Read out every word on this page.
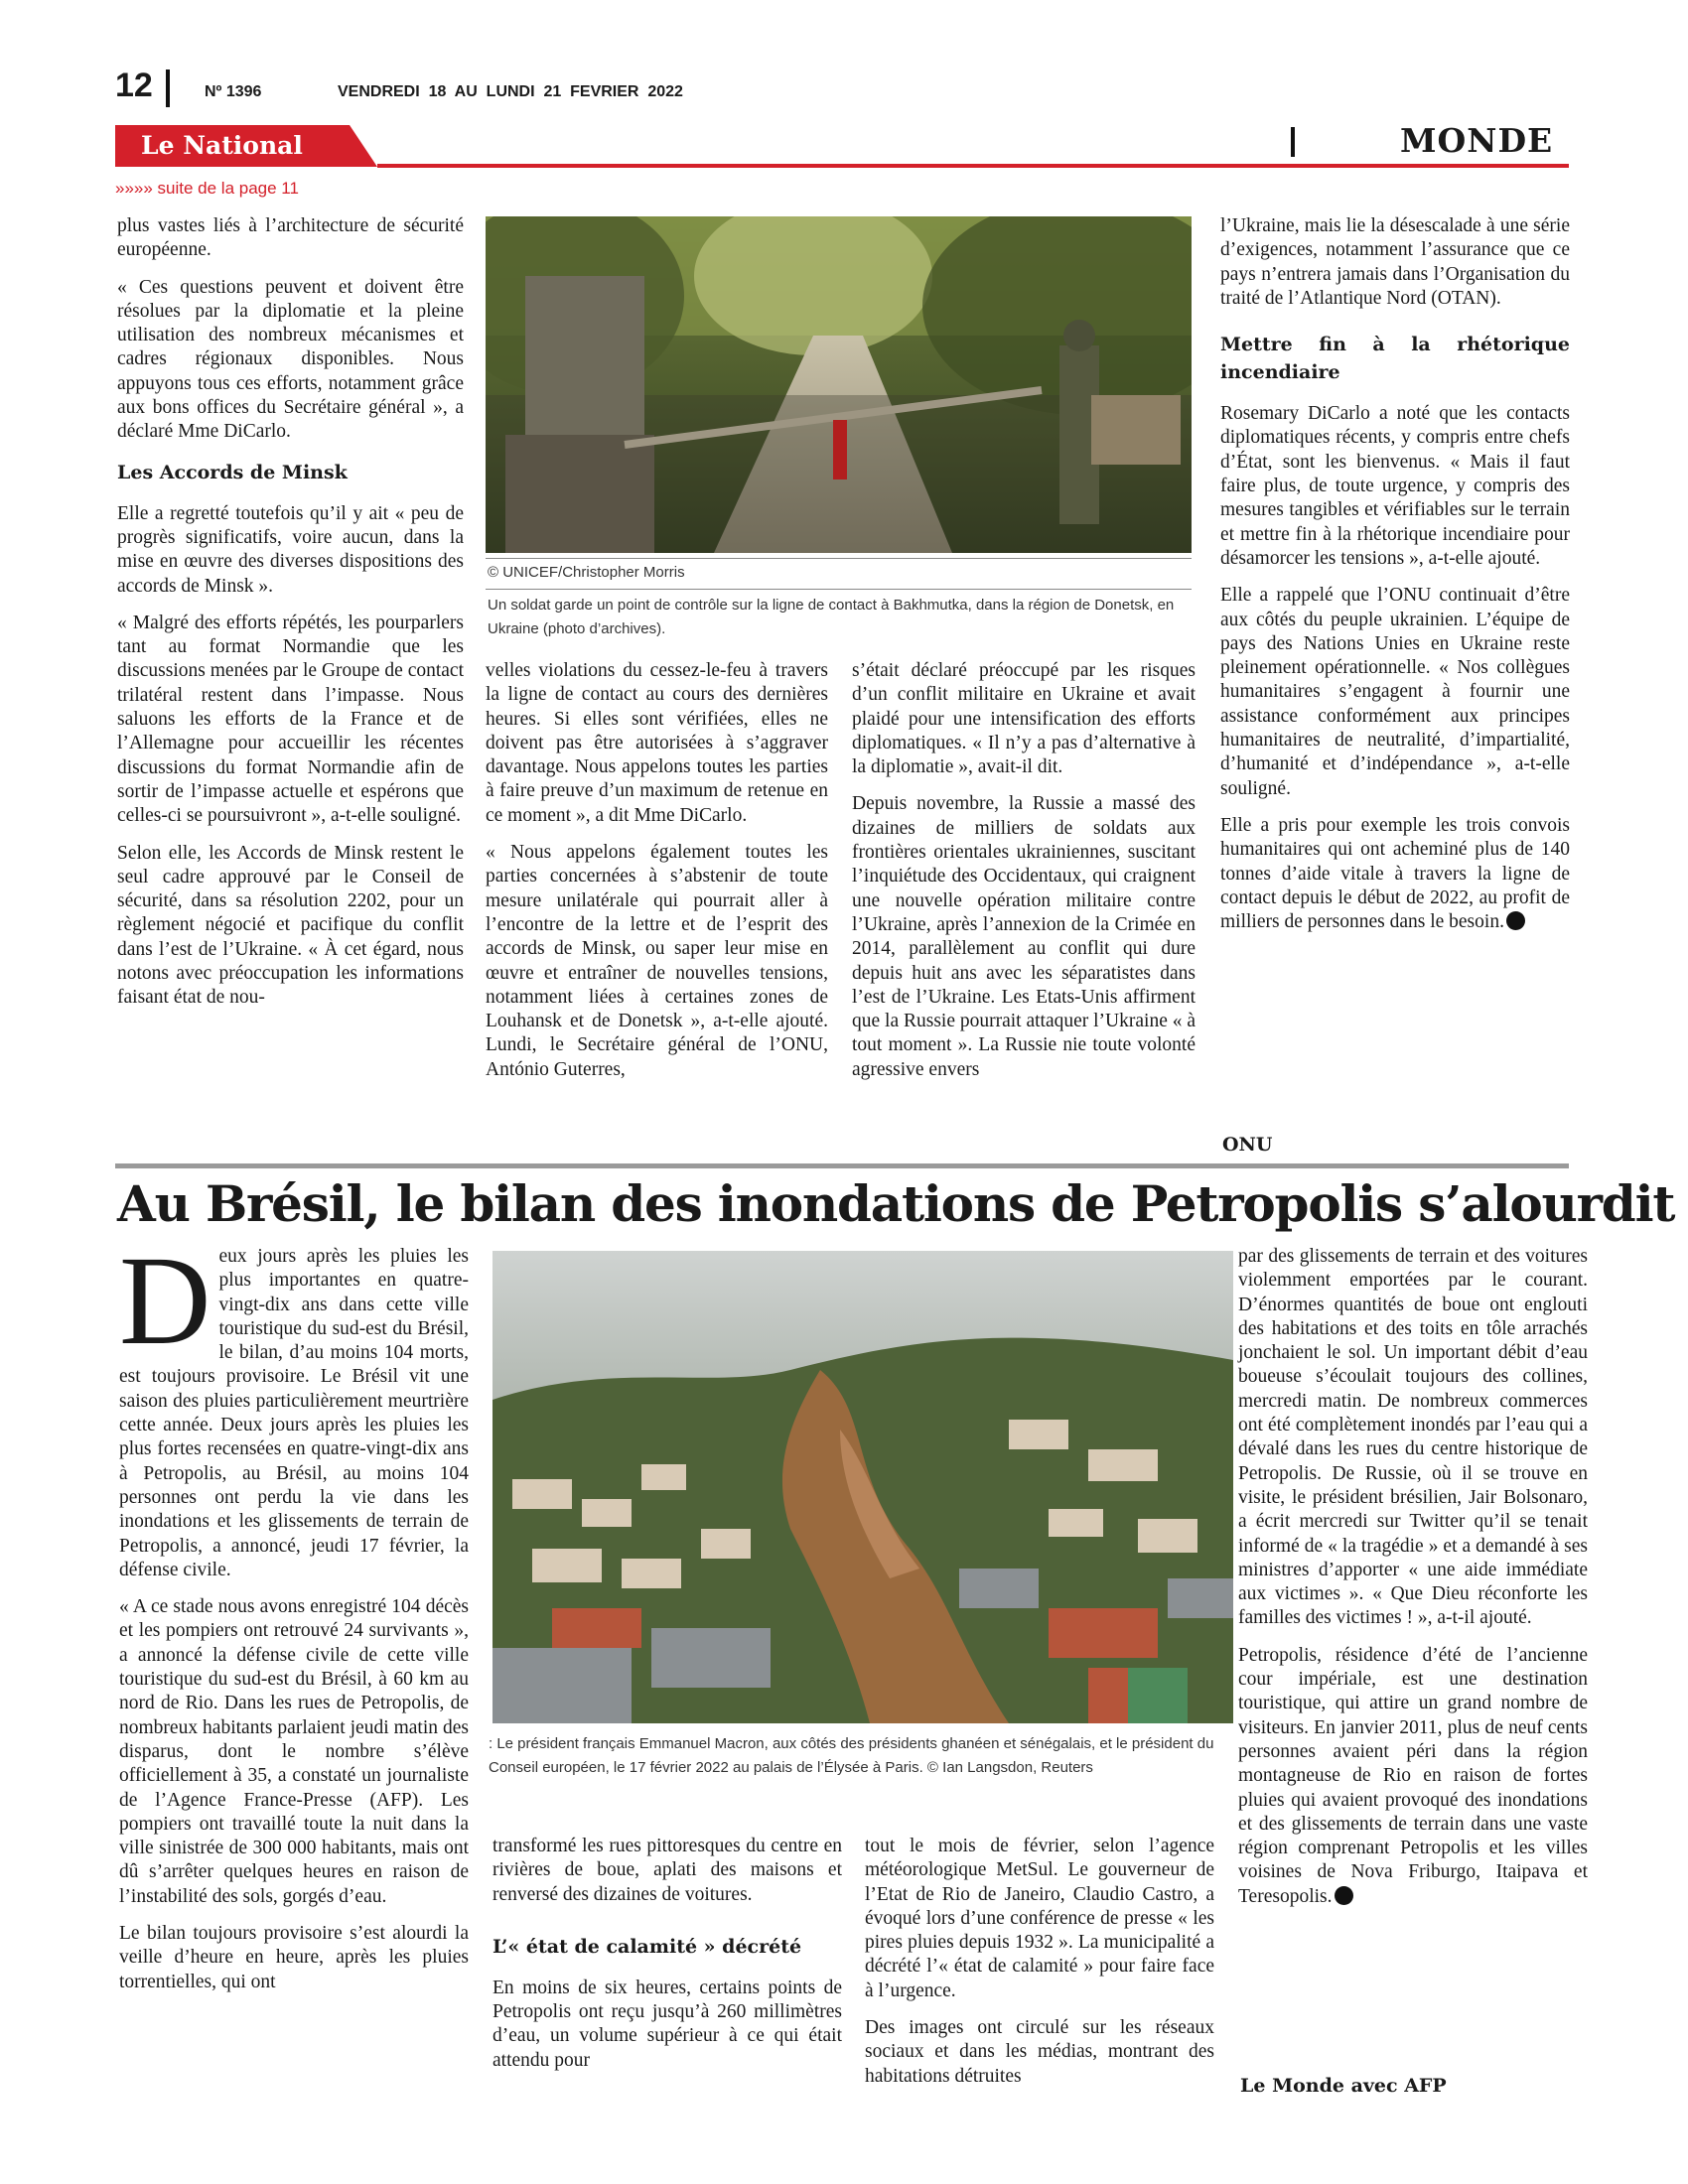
12	Nº 1396	VENDREDI  18  AU  LUNDI  21  FEVRIER  2022
Le National	MONDE
»»»» suite de la page 11

plus vastes liés à l’architecture de sécurité européenne.

« Ces questions peuvent et doivent être résolues par la diplomatie et la pleine utilisation des nombreux mécanismes et cadres régionaux disponibles. Nous appuyons tous ces efforts, notamment grâce aux bons offices du Secrétaire général », a déclaré Mme DiCarlo.

Les Accords de Minsk

Elle a regretté toutefois qu’il y ait « peu de progrès significatifs, voire aucun, dans la mise en œuvre des diverses dispositions des accords de Minsk ».

« Malgré des efforts répétés, les pourparlers tant au format Normandie que les discussions menées par le Groupe de contact trilatéral restent dans l’impasse. Nous saluons les efforts de la France et de l’Allemagne pour accueillir les récentes discussions du format Normandie afin de sortir de l’impasse actuelle et espérons que celles-ci se poursuivront », a-t-elle souligné.

Selon elle, les Accords de Minsk restent le seul cadre approuvé par le Conseil de sécurité, dans sa résolution 2202, pour un règlement négocié et pacifique du conflit dans l’est de l’Ukraine. « À cet égard, nous notons avec préoccupation les informations faisant état de nou-

© UNICEF/Christopher Morris
Un soldat garde un point de contrôle sur la ligne de contact à Bakhmutka, dans la région de Donetsk, en Ukraine (photo d’archives).

velles violations du cessez-le-feu à travers la ligne de contact au cours des dernières heures. Si elles sont vérifiées, elles ne doivent pas être autorisées à s’aggraver davantage. Nous appelons toutes les parties à faire preuve d’un maximum de retenue en ce moment », a dit Mme DiCarlo.

« Nous appelons également toutes les parties concernées à s’abstenir de toute mesure unilatérale qui pourrait aller à l’encontre de la lettre et de l’esprit des accords de Minsk, ou saper leur mise en œuvre et entraîner de nouvelles tensions, notamment liées à certaines zones de Louhansk et de Donetsk », a-t-elle ajouté. Lundi, le Secrétaire général de l’ONU, António Guterres,

s’était déclaré préoccupé par les risques d’un conflit militaire en Ukraine et avait plaidé pour une intensification des efforts diplomatiques. « Il n’y a pas d’alternative à la diplomatie », avait-il dit.

Depuis novembre, la Russie a massé des dizaines de milliers de soldats aux frontières orientales ukrainiennes, suscitant l’inquiétude des Occidentaux, qui craignent une nouvelle opération militaire contre l’Ukraine, après l’annexion de la Crimée en 2014, parallèlement au conflit qui dure depuis huit ans avec les séparatistes dans l’est de l’Ukraine. Les Etats-Unis affirment que la Russie pourrait attaquer l’Ukraine « à tout moment ». La Russie nie toute volonté agressive envers

l’Ukraine, mais lie la désescalade à une série d’exigences, notamment l’assurance que ce pays n’entrera jamais dans l’Organisation du traité de l’Atlantique Nord (OTAN).

Mettre fin à la rhétorique incendiaire

Rosemary DiCarlo a noté que les contacts diplomatiques récents, y compris entre chefs d’État, sont les bienvenus. « Mais il faut faire plus, de toute urgence, y compris des mesures tangibles et vérifiables sur le terrain et mettre fin à la rhétorique incendiaire pour désamorcer les tensions », a-t-elle ajouté.

Elle a rappelé que l’ONU continuait d’être aux côtés du peuple ukrainien. L’équipe de pays des Nations Unies en Ukraine reste pleinement opérationnelle. « Nos collègues humanitaires s’engagent à fournir une assistance conformément aux principes humanitaires de neutralité, d’impartialité, d’humanité et d’indépendance », a-t-elle souligné.

Elle a pris pour exemple les trois convois humanitaires qui ont acheminé plus de 140 tonnes d’aide vitale à travers la ligne de contact depuis le début de 2022, au profit de milliers de personnes dans le besoin.

ONU
Au Brésil, le bilan des inondations de Petropolis s’alourdit

Deux jours après les pluies les plus importantes en quatre-vingt-dix ans dans cette ville touristique du sud-est du Brésil, le bilan, d’au moins 104 morts, est toujours provisoire. Le Brésil vit une saison des pluies particulièrement meurtrière cette année. Deux jours après les pluies les plus fortes recensées en quatre-vingt-dix ans à Petropolis, au Brésil, au moins 104 personnes ont perdu la vie dans les inondations et les glissements de terrain de Petropolis, a annoncé, jeudi 17 février, la défense civile.

« A ce stade nous avons enregistré 104 décès et les pompiers ont retrouvé 24 survivants », a annoncé la défense civile de cette ville touristique du sud-est du Brésil, à 60 km au nord de Rio. Dans les rues de Petropolis, de nombreux habitants parlaient jeudi matin des disparus, dont le nombre s’élève officiellement à 35, a constaté un journaliste de l’Agence France-Presse (AFP). Les pompiers ont travaillé toute la nuit dans la ville sinistrée de 300 000 habitants, mais ont dû s’arrêter quelques heures en raison de l’instabilité des sols, gorgés d’eau.

Le bilan toujours provisoire s’est alourdi la veille d’heure en heure, après les pluies torrentielles, qui ont

: Le président français Emmanuel Macron, aux côtés des présidents ghanéen et sénégalais, et le président du Conseil européen, le 17 février 2022 au palais de l’Élysée à Paris. © Ian Langsdon, Reuters

transformé les rues pittoresques du centre en rivières de boue, aplati des maisons et renversé des dizaines de voitures.

L’« état de calamité » décrété

En moins de six heures, certains points de Petropolis ont reçu jusqu’à 260 millimètres d’eau, un volume supérieur à ce qui était attendu pour

tout le mois de février, selon l’agence météorologique MetSul. Le gouverneur de l’Etat de Rio de Janeiro, Claudio Castro, a évoqué lors d’une conférence de presse « les pires pluies depuis 1932 ». La municipalité a décrété l’« état de calamité » pour faire face à l’urgence.

Des images ont circulé sur les réseaux sociaux et dans les médias, montrant des habitations détruites

par des glissements de terrain et des voitures violemment emportées par le courant. D’énormes quantités de boue ont englouti des habitations et des toits en tôle arrachés jonchaient le sol. Un important débit d’eau boueuse s’écoulait toujours des collines, mercredi matin. De nombreux commerces ont été complètement inondés par l’eau qui a dévalé dans les rues du centre historique de Petropolis. De Russie, où il se trouve en visite, le président brésilien, Jair Bolsonaro, a écrit mercredi sur Twitter qu’il se tenait informé de « la tragédie » et a demandé à ses ministres d’apporter « une aide immédiate aux victimes ». « Que Dieu réconforte les familles des victimes ! », a-t-il ajouté.

Petropolis, résidence d’été de l’ancienne cour impériale, est une destination touristique, qui attire un grand nombre de visiteurs. En janvier 2011, plus de neuf cents personnes avaient péri dans la région montagneuse de Rio en raison de fortes pluies qui avaient provoqué des inondations et des glissements de terrain dans une vaste région comprenant Petropolis et les villes voisines de Nova Friburgo, Itaipava et Teresopolis.

Le Monde avec AFP
